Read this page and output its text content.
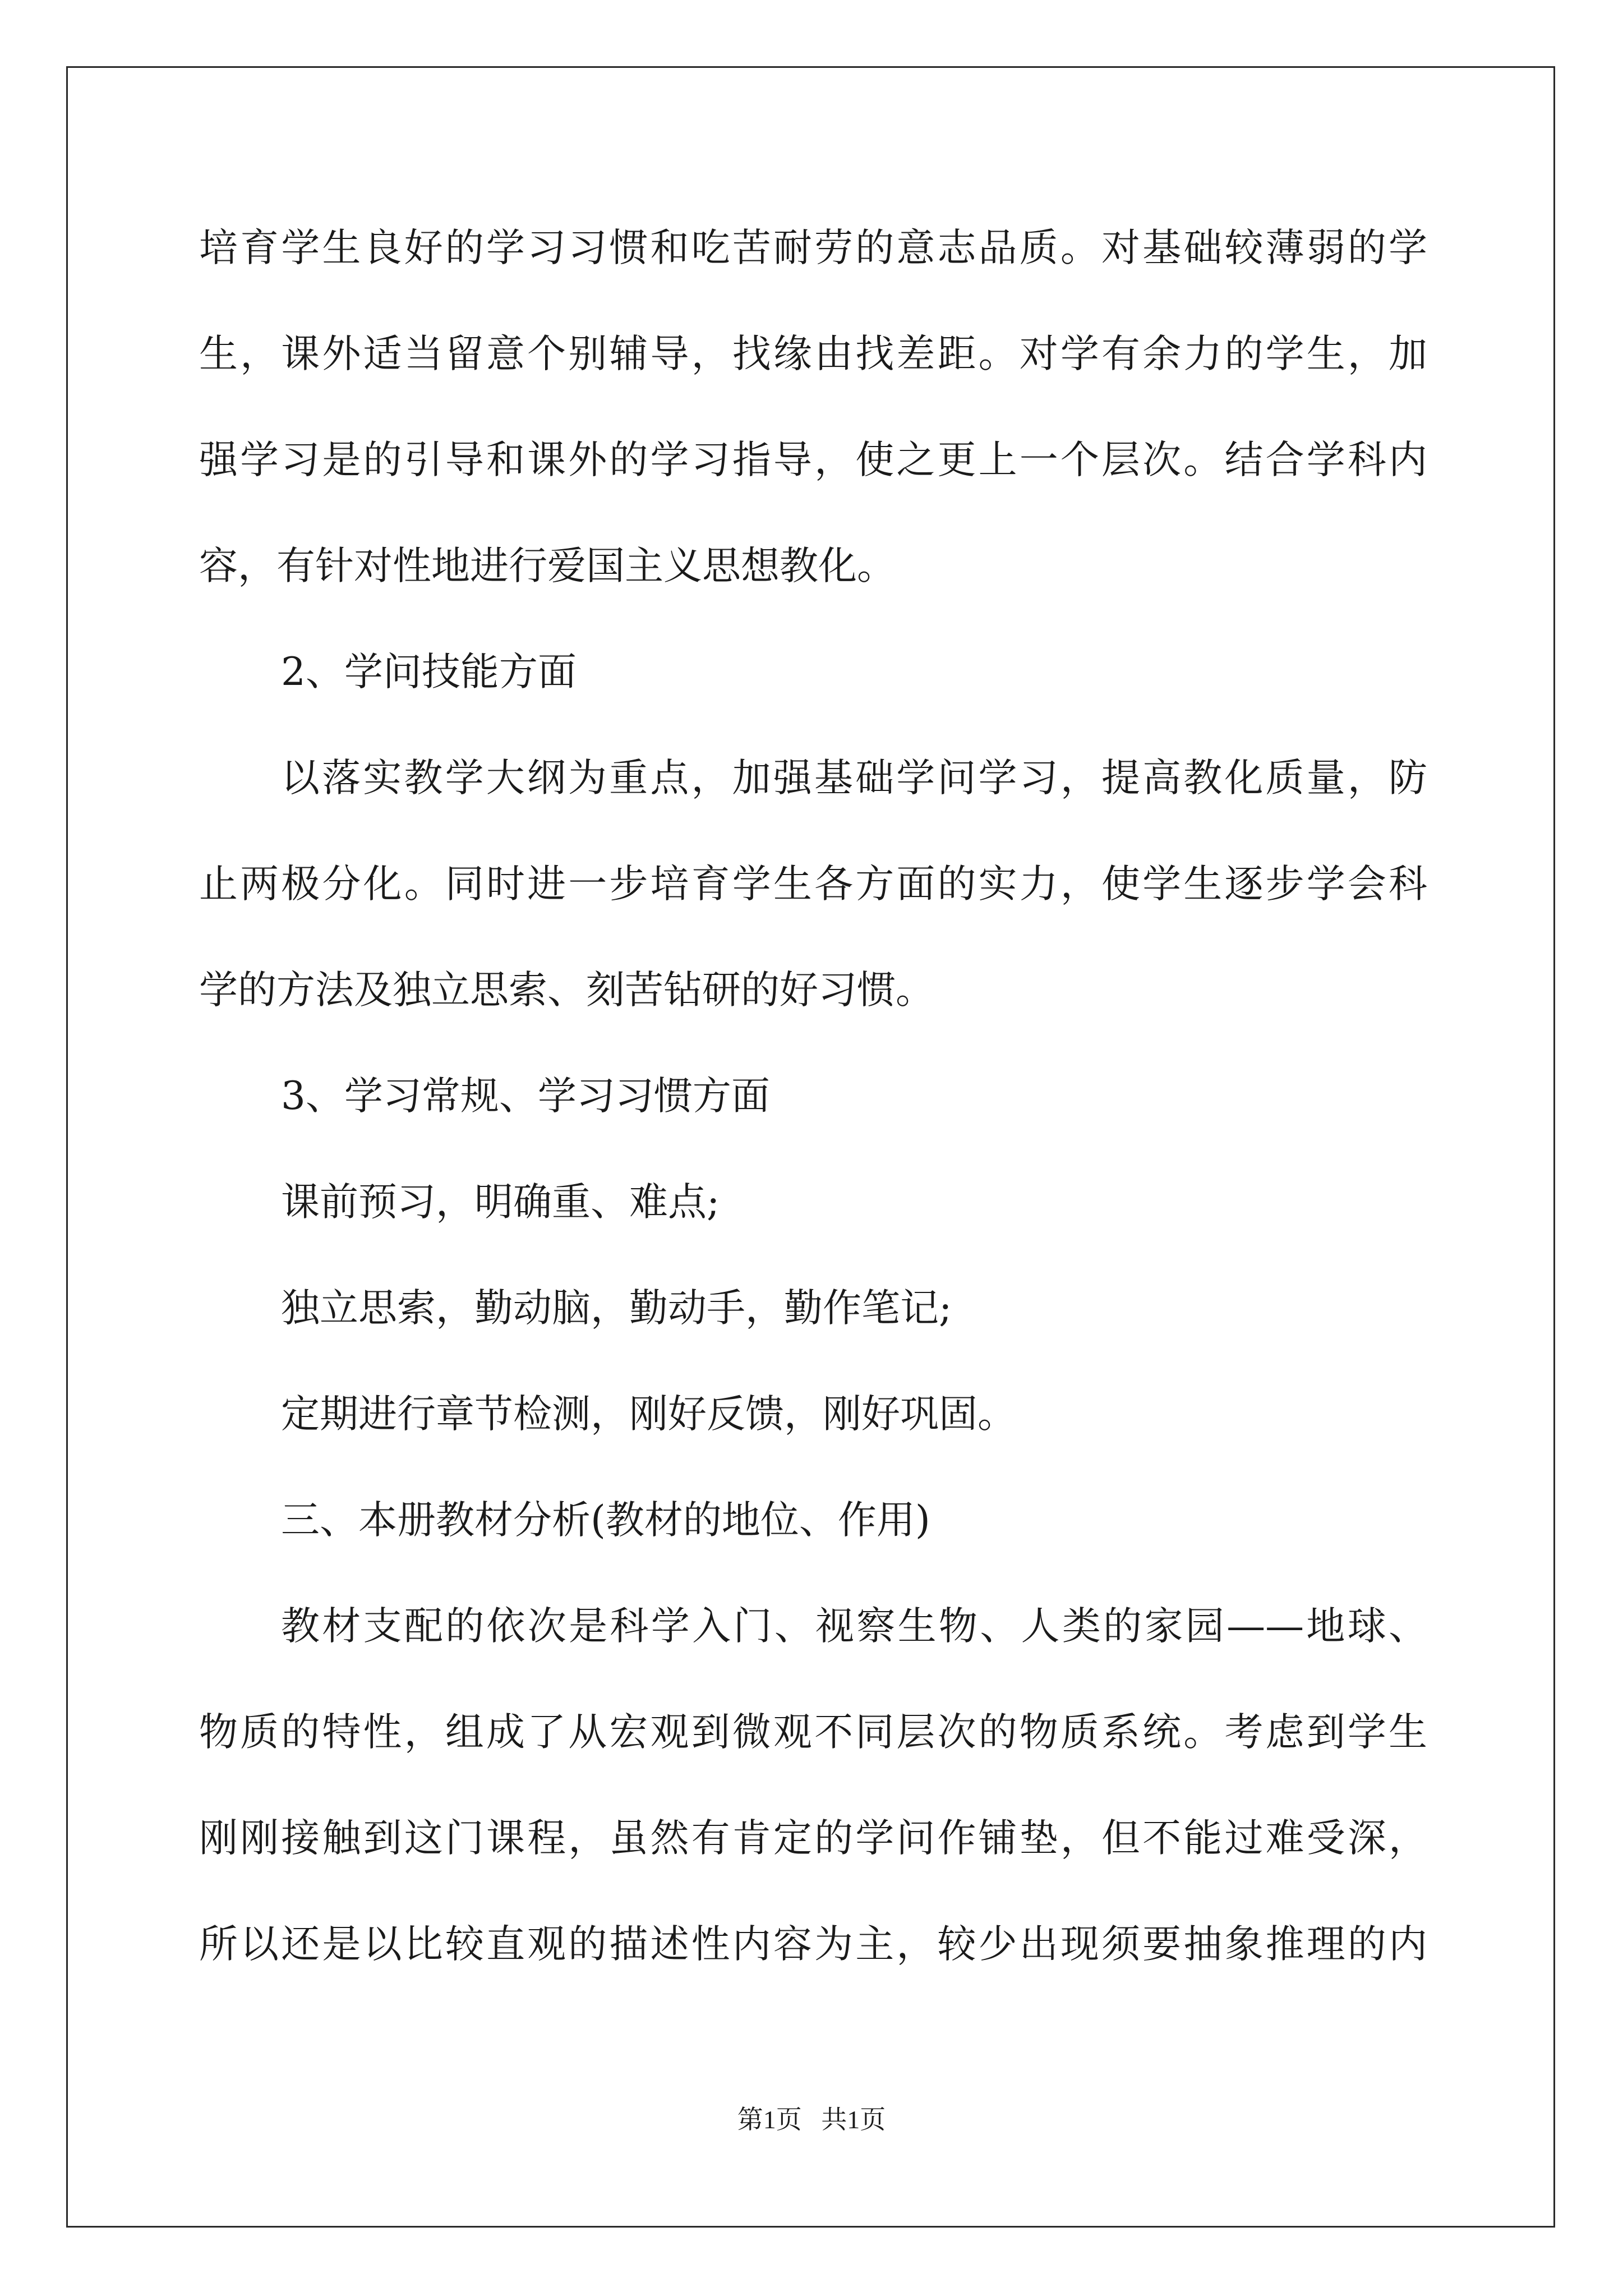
培育学生良好的学习习惯和吃苦耐劳的意志品质。对基础较薄弱的学
生，课外适当留意个别辅导，找缘由找差距。对学有余力的学生，加
强学习是的引导和课外的学习指导，使之更上一个层次。结合学科内
容，有针对性地进行爱国主义思想教化。
2、学问技能方面
以落实教学大纲为重点，加强基础学问学习，提高教化质量，防
止两极分化。同时进一步培育学生各方面的实力，使学生逐步学会科
学的方法及独立思索、刻苦钻研的好习惯。
3、学习常规、学习习惯方面
课前预习，明确重、难点;
独立思索，勤动脑，勤动手，勤作笔记;
定期进行章节检测，刚好反馈，刚好巩固。
三、本册教材分析(教材的地位、作用)
教材支配的依次是科学入门、视察生物、人类的家园——地球、
物质的特性，组成了从宏观到微观不同层次的物质系统。考虑到学生
刚刚接触到这门课程，虽然有肯定的学问作铺垫，但不能过难受深，
所以还是以比较直观的描述性内容为主，较少出现须要抽象推理的内
第1页   共1页
